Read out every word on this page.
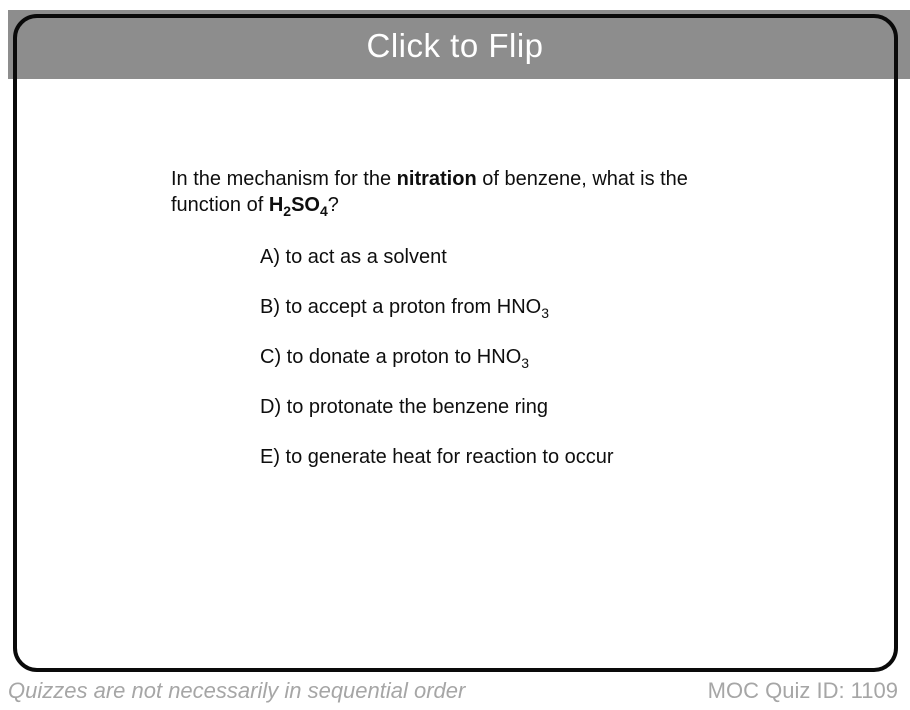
Click to Flip
In the mechanism for the nitration of benzene, what is the
function of $H_2SO_4$?
A) to act as a solvent
B) to accept a proton from $HNO_3$
C) to donate a proton to $HNO_3$
D) to protonate the benzene ring
E) to generate heat for reaction to occur
Quizzes are not necessarily in sequential order	MOC Quiz ID: 1109
